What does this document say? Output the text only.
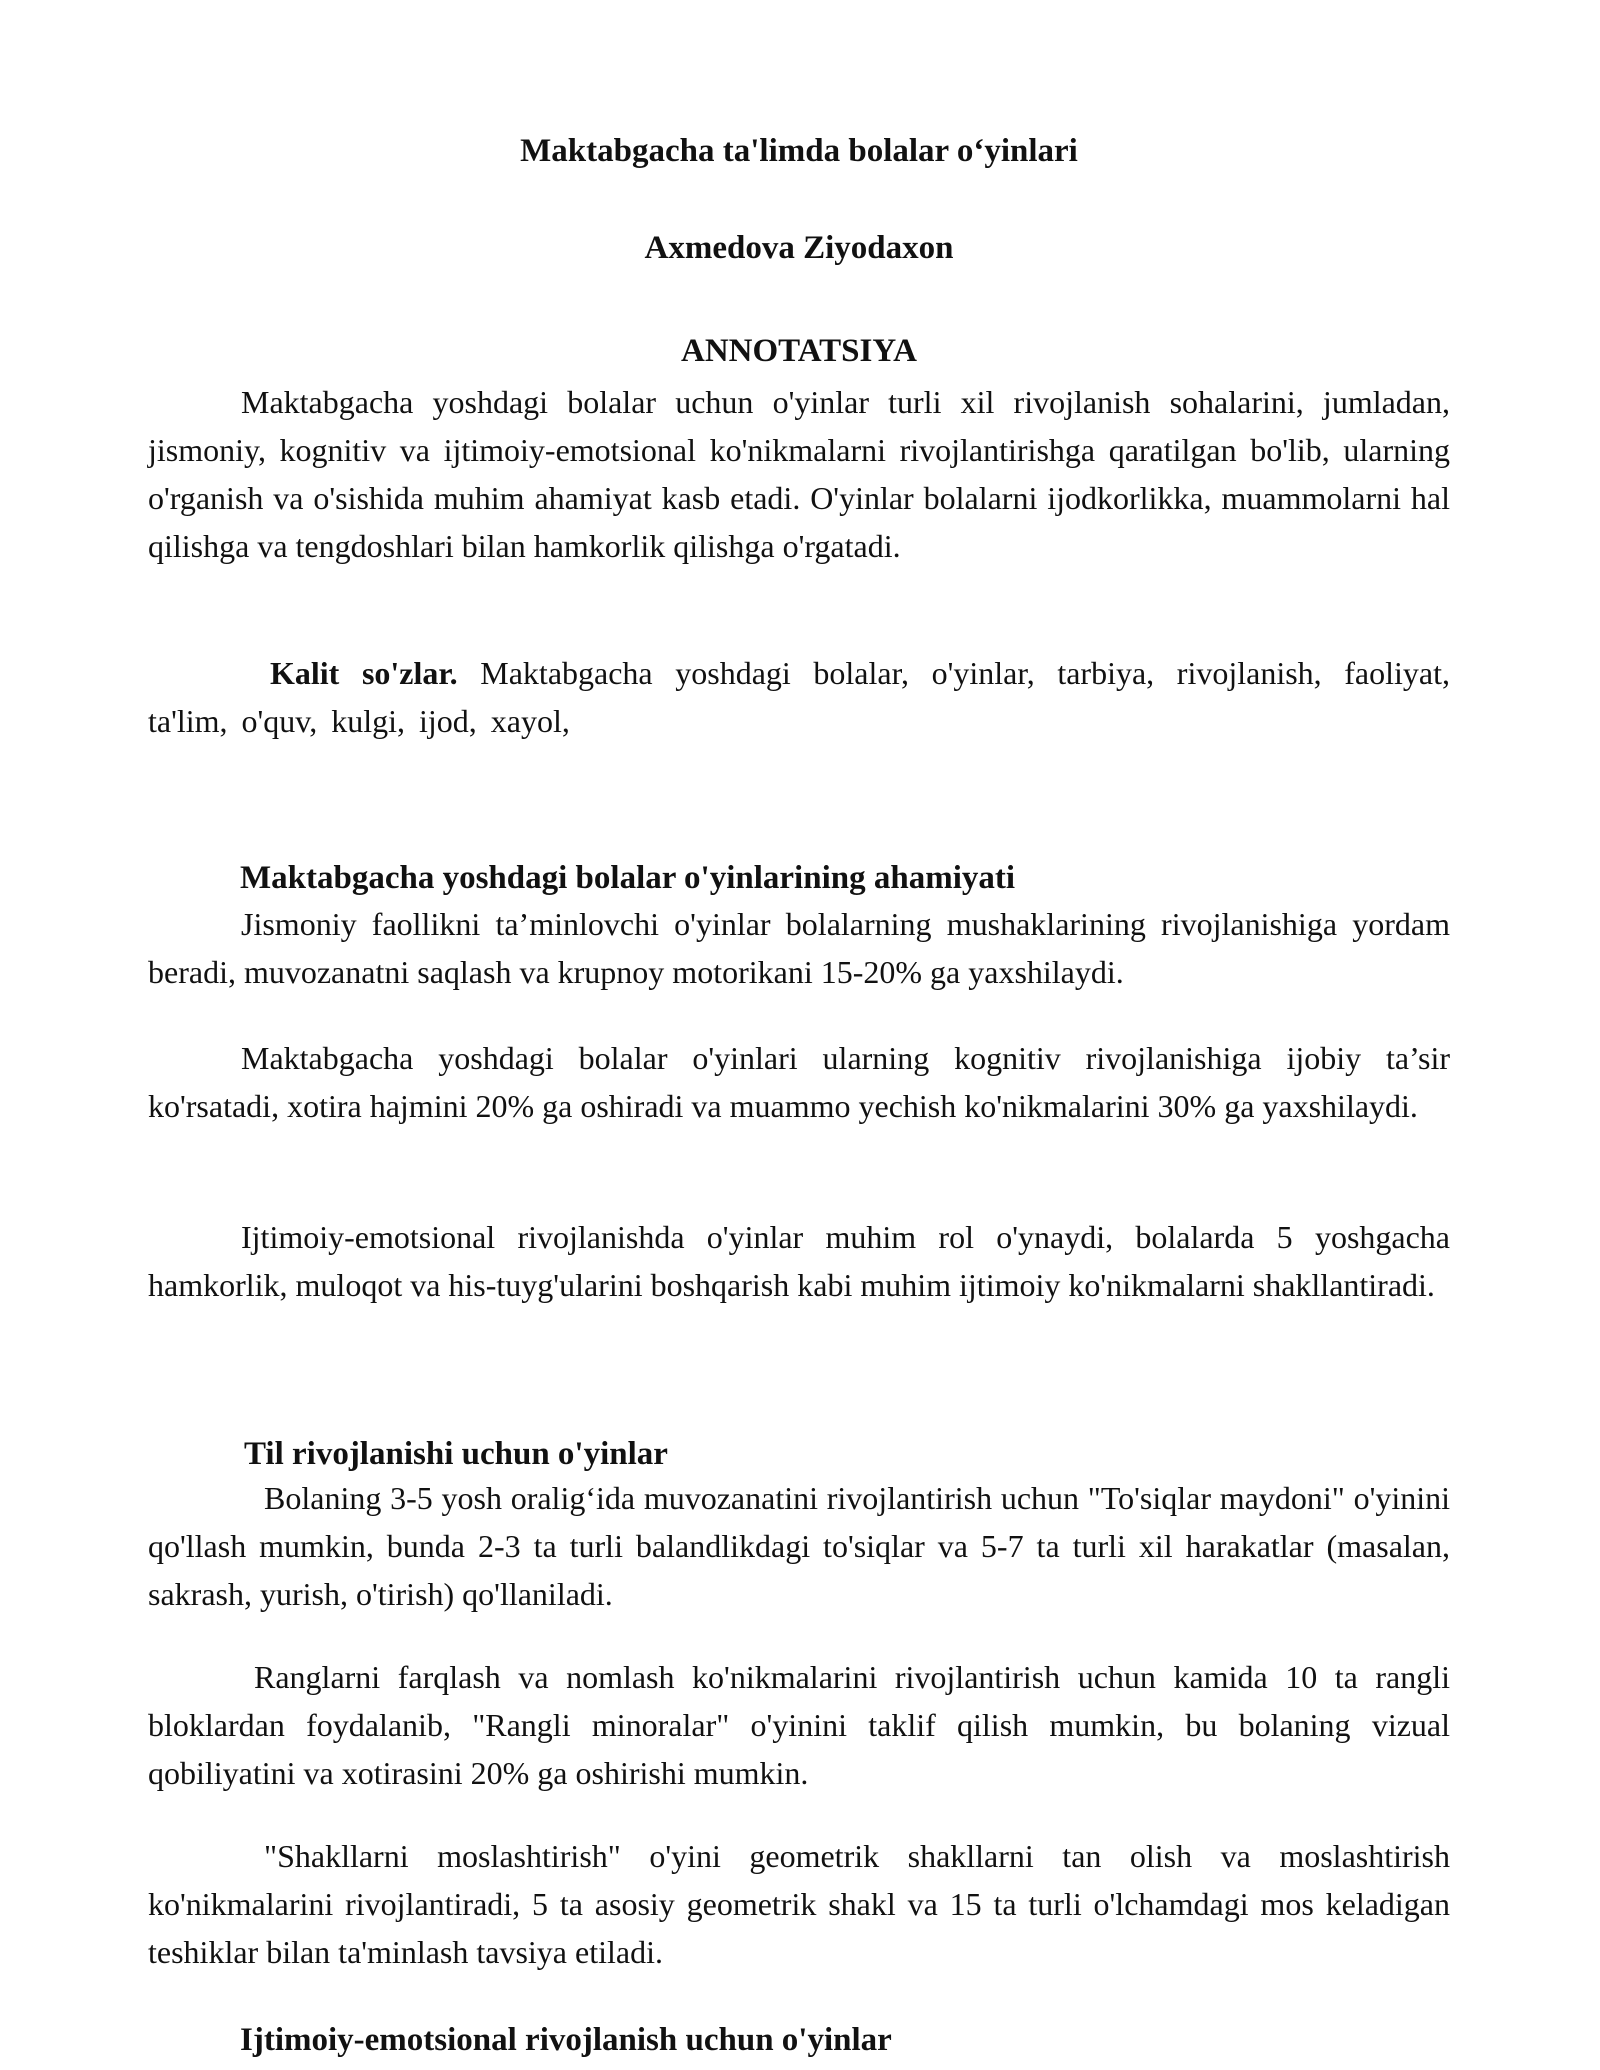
Maktabgacha ta'limda bolalar o‘yinlari
Axmedova Ziyodaxon
ANNOTATSIYA

Maktabgacha yoshdagi bolalar uchun o'yinlar turli xil rivojlanish sohalarini, jumladan, jismoniy, kognitiv va ijtimoiy-emotsional ko'nikmalarni rivojlantirishga qaratilgan bo'lib, ularning o'rganish va o'sishida muhim ahamiyat kasb etadi. O'yinlar bolalarni ijodkorlikka, muammolarni hal qilishga va tengdoshlari bilan hamkorlik qilishga o'rgatadi.

Kalit so'zlar. Maktabgacha yoshdagi bolalar, o'yinlar, tarbiya, rivojlanish, faoliyat, ta'lim, o'quv, kulgi, ijod, xayol,

Maktabgacha yoshdagi bolalar o'yinlarining ahamiyati

Jismoniy faollikni ta’minlovchi o'yinlar bolalarning mushaklarining rivojlanishiga yordam beradi, muvozanatni saqlash va krupnoy motorikani 15-20% ga yaxshilaydi.

Maktabgacha yoshdagi bolalar o'yinlari ularning kognitiv rivojlanishiga ijobiy ta’sir ko'rsatadi, xotira hajmini 20% ga oshiradi va muammo yechish ko'nikmalarini 30% ga yaxshilaydi.

Ijtimoiy-emotsional rivojlanishda o'yinlar muhim rol o'ynaydi, bolalarda 5 yoshgacha hamkorlik, muloqot va his-tuyg'ularini boshqarish kabi muhim ijtimoiy ko'nikmalarni shakllantiradi.

Til rivojlanishi uchun o'yinlar

Bolaning 3-5 yosh oralig‘ida muvozanatini rivojlantirish uchun "To'siqlar maydoni" o'yinini qo'llash mumkin, bunda 2-3 ta turli balandlikdagi to'siqlar va 5-7 ta turli xil harakatlar (masalan, sakrash, yurish, o'tirish) qo'llaniladi.

Ranglarni farqlash va nomlash ko'nikmalarini rivojlantirish uchun kamida 10 ta rangli bloklardan foydalanib, "Rangli minoralar" o'yinini taklif qilish mumkin, bu bolaning vizual qobiliyatini va xotirasini 20% ga oshirishi mumkin.

"Shakllarni moslashtirish" o'yini geometrik shakllarni tan olish va moslashtirish ko'nikmalarini rivojlantiradi, 5 ta asosiy geometrik shakl va 15 ta turli o'lchamdagi mos keladigan teshiklar bilan ta'minlash tavsiya etiladi.

Ijtimoiy-emotsional rivojlanish uchun o'yinlar
